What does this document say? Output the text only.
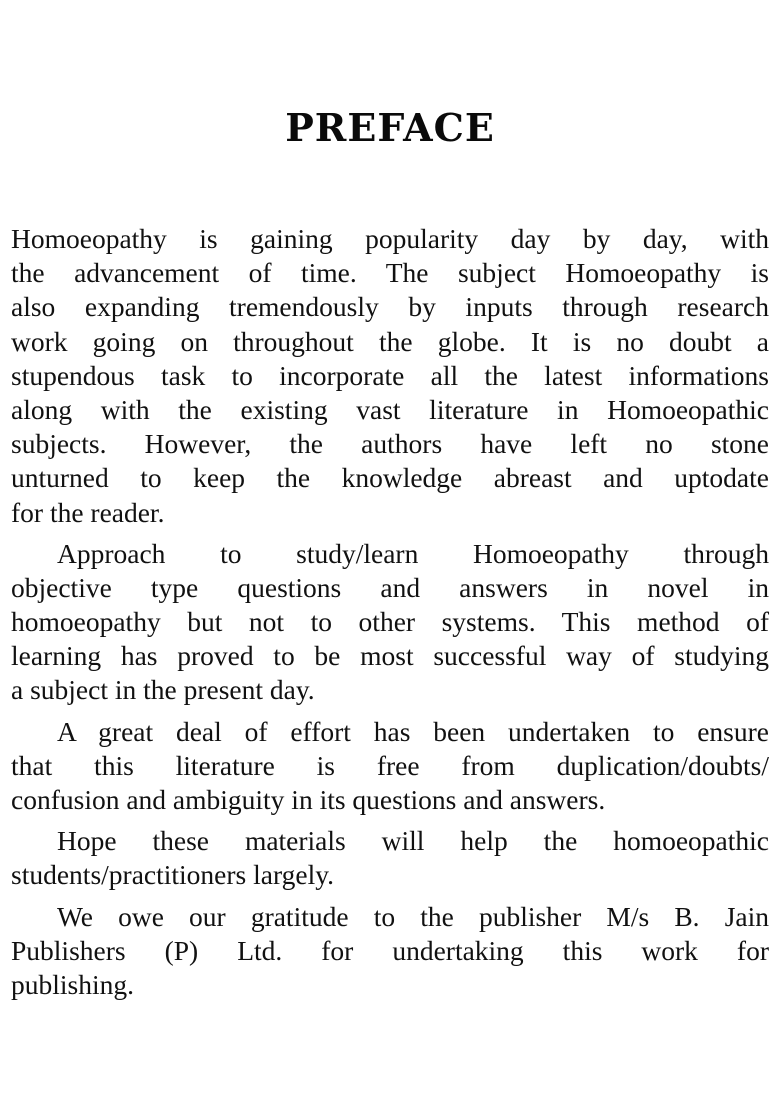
PREFACE

Homoeopathy is gaining popularity day by day, with
the advancement of time. The subject Homoeopathy is
also expanding tremendously by inputs through research
work going on throughout the globe. It is no doubt a
stupendous task to incorporate all the latest informations
along with the existing vast literature in Homoeopathic
subjects. However, the authors have left no stone
unturned to keep the knowledge abreast and uptodate
for the reader.

Approach to study/learn Homoeopathy through
objective type questions and answers in novel in
homoeopathy but not to other systems. This method of
learning has proved to be most successful way of studying
a subject in the present day.

A great deal of effort has been undertaken to ensure
that this literature is free from duplication/doubts/
confusion and ambiguity in its questions and answers.

Hope these materials will help the homoeopathic
students/practitioners largely.

We owe our gratitude to the publisher M/s B. Jain
Publishers (P) Ltd. for undertaking this work for
publishing.
